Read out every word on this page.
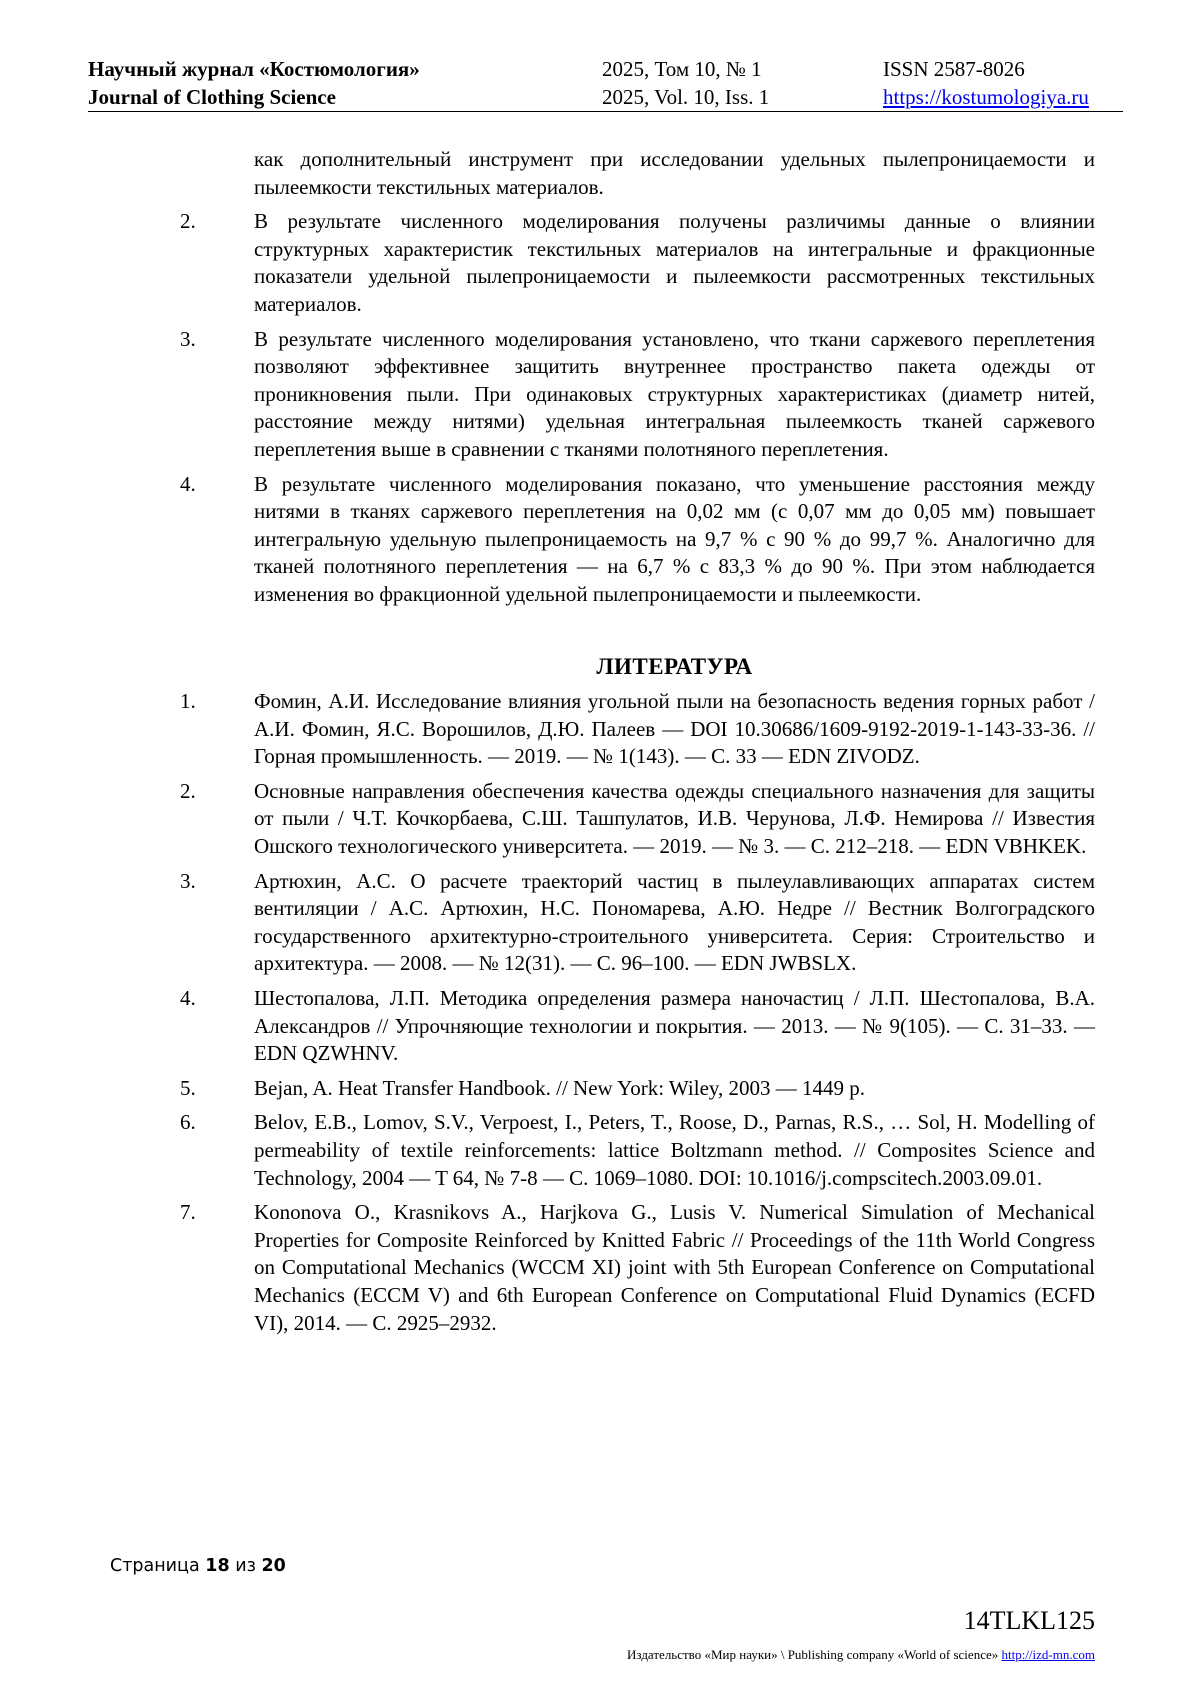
Научный журнал «Костюмология»
Journal of Clothing Science
2025, Том 10, № 1
2025, Vol. 10, Iss. 1
ISSN 2587-8026
https://kostumologiya.ru
как дополнительный инструмент при исследовании удельных пылепроницаемости и пылеемкости текстильных материалов.
2.	В результате численного моделирования получены различимы данные о влиянии структурных характеристик текстильных материалов на интегральные и фракционные показатели удельной пылепроницаемости и пылеемкости рассмотренных текстильных материалов.
3.	В результате численного моделирования установлено, что ткани саржевого переплетения позволяют эффективнее защитить внутреннее пространство пакета одежды от проникновения пыли. При одинаковых структурных характеристиках (диаметр нитей, расстояние между нитями) удельная интегральная пылеемкость тканей саржевого переплетения выше в сравнении с тканями полотняного переплетения.
4.	В результате численного моделирования показано, что уменьшение расстояния между нитями в тканях саржевого переплетения на 0,02 мм (с 0,07 мм до 0,05 мм) повышает интегральную удельную пылепроницаемость на 9,7 % с 90 % до 99,7 %. Аналогично для тканей полотняного переплетения — на 6,7 % с 83,3 % до 90 %. При этом наблюдается изменения во фракционной удельной пылепроницаемости и пылеемкости.
ЛИТЕРАТУРА
1.	Фомин, А.И. Исследование влияния угольной пыли на безопасность ведения горных работ / А.И. Фомин, Я.С. Ворошилов, Д.Ю. Палеев — DOI 10.30686/1609-9192-2019-1-143-33-36. // Горная промышленность. — 2019. — № 1(143). — С. 33 — EDN ZIVODZ.
2.	Основные направления обеспечения качества одежды специального назначения для защиты от пыли / Ч.Т. Кочкорбаева, С.Ш. Ташпулатов, И.В. Черунова, Л.Ф. Немирова // Известия Ошского технологического университета. — 2019. — № 3. — С. 212–218. — EDN VBHKEK.
3.	Артюхин, А.С. О расчете траекторий частиц в пылеулавливающих аппаратах систем вентиляции / А.С. Артюхин, Н.С. Пономарева, А.Ю. Недре // Вестник Волгоградского государственного архитектурно-строительного университета. Серия: Строительство и архитектура. — 2008. — № 12(31). — С. 96–100. — EDN JWBSLX.
4.	Шестопалова, Л.П. Методика определения размера наночастиц / Л.П. Шестопалова, В.А. Александров // Упрочняющие технологии и покрытия. — 2013. — № 9(105). — С. 31–33. — EDN QZWHNV.
5.	Bejan, A. Heat Transfer Handbook. // New York: Wiley, 2003 — 1449 p.
6.	Belov, E.B., Lomov, S.V., Verpoest, I., Peters, T., Roose, D., Parnas, R.S., … Sol, H. Modelling of permeability of textile reinforcements: lattice Boltzmann method. // Composites Science and Technology, 2004 — T 64, № 7-8 — С. 1069–1080. DOI: 10.1016/j.compscitech.2003.09.01.
7.	Kononova O., Krasnikovs A., Harjkova G., Lusis V. Numerical Simulation of Mechanical Properties for Composite Reinforced by Knitted Fabric // Proceedings of the 11th World Congress on Computational Mechanics (WCCM XI) joint with 5th European Conference on Computational Mechanics (ECCM V) and 6th European Conference on Computational Fluid Dynamics (ECFD VI), 2014. — С. 2925–2932.
Страница 18 из 20
14TLKL125
Издательство «Мир науки» \ Publishing company «World of science» http://izd-mn.com
